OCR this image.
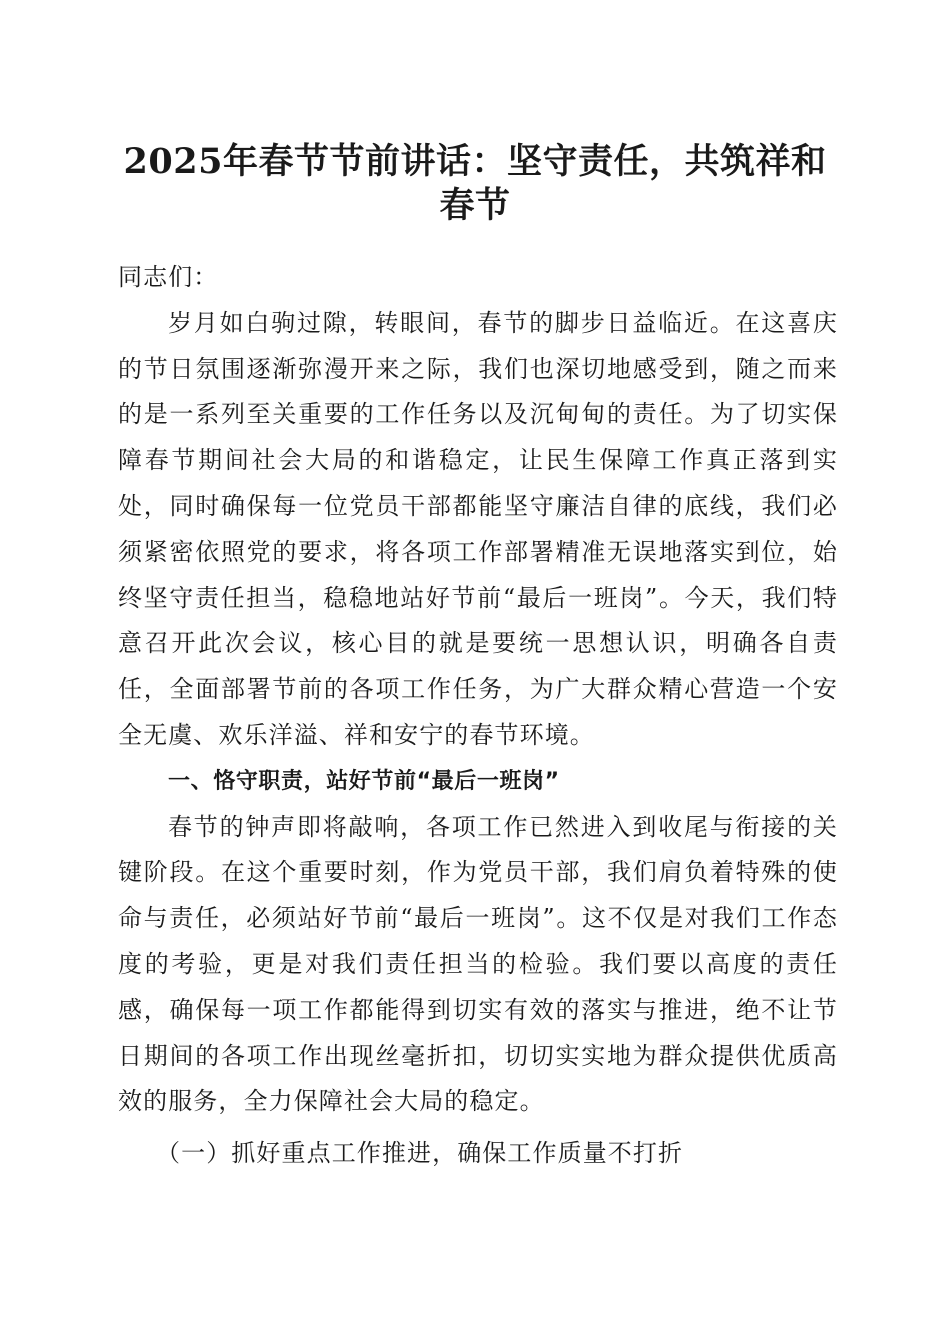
2025年春节节前讲话：坚守责任，共筑祥和
春节

同志们：

岁月如白驹过隙，转眼间，春节的脚步日益临近。在这喜庆的节日氛围逐渐弥漫开来之际，我们也深切地感受到，随之而来的是一系列至关重要的工作任务以及沉甸甸的责任。为了切实保障春节期间社会大局的和谐稳定，让民生保障工作真正落到实处，同时确保每一位党员干部都能坚守廉洁自律的底线，我们必须紧密依照党的要求，将各项工作部署精准无误地落实到位，始终坚守责任担当，稳稳地站好节前“最后一班岗”。今天，我们特意召开此次会议，核心目的就是要统一思想认识，明确各自责任，全面部署节前的各项工作任务，为广大群众精心营造一个安全无虞、欢乐洋溢、祥和安宁的春节环境。

一、恪守职责，站好节前“最后一班岗”

春节的钟声即将敲响，各项工作已然进入到收尾与衔接的关键阶段。在这个重要时刻，作为党员干部，我们肩负着特殊的使命与责任，必须站好节前“最后一班岗”。这不仅是对我们工作态度的考验，更是对我们责任担当的检验。我们要以高度的责任感，确保每一项工作都能得到切实有效的落实与推进，绝不让节日期间的各项工作出现丝毫折扣，切切实实地为群众提供优质高效的服务，全力保障社会大局的稳定。

（一）抓好重点工作推进，确保工作质量不打折
